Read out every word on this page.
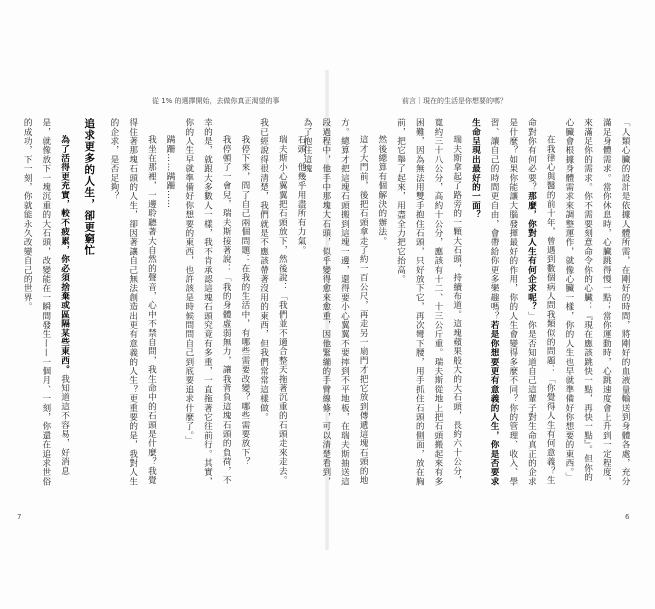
從 1% 的選擇開始，去做你真正渴望的事

石頭，他幾乎用盡所有力氣。

瑞夫斯小心翼翼把石頭放下，然後說：「我們並不適合整天拖著沉重的石頭走來走去。我已經說得很清楚，我們就是不應該帶著沒用的東西，但我們常常這樣做。

我停下來，問了自己兩個問題：在我的生活中，有哪些需要改變？哪些需要放下？

我停頓了一會兒，瑞夫斯接著說：「我的身體虛弱無力，讓我背負這塊石頭的負荷，不幸的是，就跟大多數人一樣，我不肯承認這塊石頭究竟有多重，一直拖著它往前行。其實，你的人生早就準備好你想要的東西，也許該是時候問問自己到底要追求什麼了。」

蹒跚……蹒跚……

我坐在那裡，一邊聆聽著大自然的聲音，心中不禁自問，我生命中的石頭是什麼？我覺得住著那塊石頭的人生，卻因著讓自己無法創造出更有意義的人生？更重要的是，我對人生的企求，是否足夠？

追求更多的人生，卻更窮忙

為了活得更充實，較不疲累，你必須捨棄或區隔某些東西。我知道這不容易，好消息是，就像放下一塊沉重的大石頭，改變能在一瞬間發生——一個月、一刻，你還在追求世俗的成功，下一刻，你就能永久改變自己的世界。

7
前言｜現在的生活是你想要的嗎？

「人類心臟的設計是依據人體所需，在剛好的時間，將剛好的血液量輸送到身體各處，充分滿足身體需求。當你休息時，心臟跳得慢一點；當你運動時，心跳速度會上升到一定程度，來滿足你的需求。你不需要刻意命令你的心臟：『現在應該跳快一點，再快一點』。但你的心臟會根據身體需求來調整運作，就像心臟一樣，你的人生也早就準備好你想要的東西。」

在我律心與醫的前十年，曾遇到數個病人問我類似的問題：「你覺得人生有何意義？生命對你有何必要？那麼，你對人生有何企求呢？」你是否知道自己這輩子對生命真正的企求是什麼？如果你能讓大腦發揮最好的作用，你的人生會變得多麼不同？你的管理、收入、學習、讓自己的時間更自由，會帶給你更多樂趣嗎？若是你想要更有意義的人生，你是否要求生命呈現出最好的一面？

瑞夫斯拿起了路旁的一顆大石頭，持續布道。這塊蘋果般大的大石頭，長約六十公分，寬約三十八公分，高約十公分，應該有十二、十三公斤重。瑞夫斯從地上把石頭搬起來有多困難，因為無法用雙手抱住石頭，只好放下它，再次彎下腰，用手抓住石頭的側面，放在胸前，把它舉了起來，用盡全力把它抬高。

然後總算有個解決的辦法。

這才大門前，後把石頭拿走了約一百公尺，再走另一扇門才把它放到傳遞這塊石頭的地方。總算才把這塊石頭搬到這塊一邊，還得要小心翼翼不要摔到不平地板，在瑞夫斯抽送這段過程中，他手中那塊大石頭，似乎變得愈來愈重，因他緊繃的手臂線條，可以清楚看到，為了抱住這塊

6
